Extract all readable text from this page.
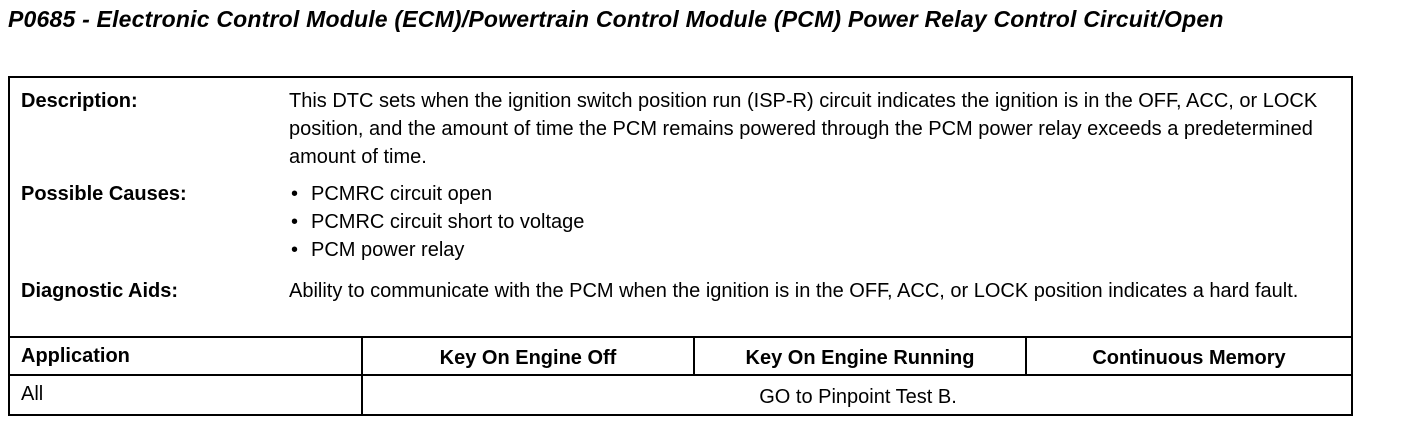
P0685 - Electronic Control Module (ECM)/Powertrain Control Module (PCM) Power Relay Control Circuit/Open
Description:	This DTC sets when the ignition switch position run (ISP-R) circuit indicates the ignition is in the OFF, ACC, or LOCK position, and the amount of time the PCM remains powered through the PCM power relay exceeds a predetermined amount of time.
Possible Causes:	• PCMRC circuit open
• PCMRC circuit short to voltage
• PCM power relay
Diagnostic Aids:	Ability to communicate with the PCM when the ignition is in the OFF, ACC, or LOCK position indicates a hard fault.
Application	Key On Engine Off	Key On Engine Running	Continuous Memory
All	GO to Pinpoint Test B.
